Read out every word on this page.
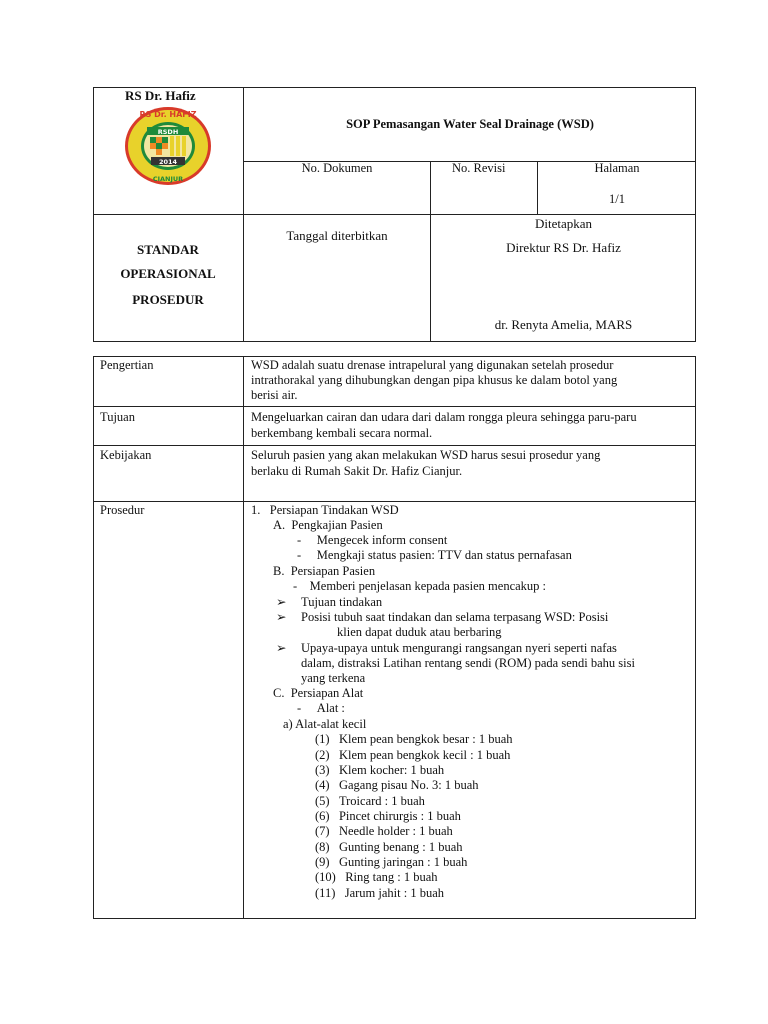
RS Dr. Hafiz
RSDH
2014
RS Dr. HAFIZ
CIANJUR
SOP Pemasangan Water Seal Drainage (WSD)
No. Dokumen	No. Revisi	Halaman
1/1
STANDAR
OPERASIONAL
PROSEDUR
Tanggal diterbitkan
Ditetapkan
Direktur RS Dr. Hafiz
dr. Renyta Amelia, MARS
Pengertian	WSD adalah suatu drenase intrapelural yang digunakan setelah prosedur
intrathorakal yang dihubungkan dengan pipa khusus ke dalam botol yang
berisi air.
Tujuan	Mengeluarkan cairan dan udara dari dalam rongga pleura sehingga paru-paru
berkembang kembali secara normal.
Kebijakan	Seluruh pasien yang akan melakukan WSD harus sesui prosedur yang
berlaku di Rumah Sakit Dr. Hafiz Cianjur.
Prosedur	1.   Persiapan Tindakan WSD
A.  Pengkajian Pasien
-     Mengecek inform consent
-     Mengkaji status pasien: TTV dan status pernafasan
B.  Persiapan Pasien
-    Memberi penjelasan kepada pasien mencakup :
➢ Tujuan tindakan
➢ Posisi tubuh saat tindakan dan selama terpasang WSD: Posisi
klien dapat duduk atau berbaring
➢ Upaya-upaya untuk mengurangi rangsangan nyeri seperti nafas
dalam, distraksi Latihan rentang sendi (ROM) pada sendi bahu sisi
yang terkena
C.  Persiapan Alat
-     Alat :
a) Alat-alat kecil
(1)   Klem pean bengkok besar : 1 buah
(2)   Klem pean bengkok kecil : 1 buah
(3)   Klem kocher: 1 buah
(4)   Gagang pisau No. 3: 1 buah
(5)   Troicard : 1 buah
(6)   Pincet chirurgis : 1 buah
(7)   Needle holder : 1 buah
(8)   Gunting benang : 1 buah
(9)   Gunting jaringan : 1 buah
(10)   Ring tang : 1 buah
(11)   Jarum jahit : 1 buah
